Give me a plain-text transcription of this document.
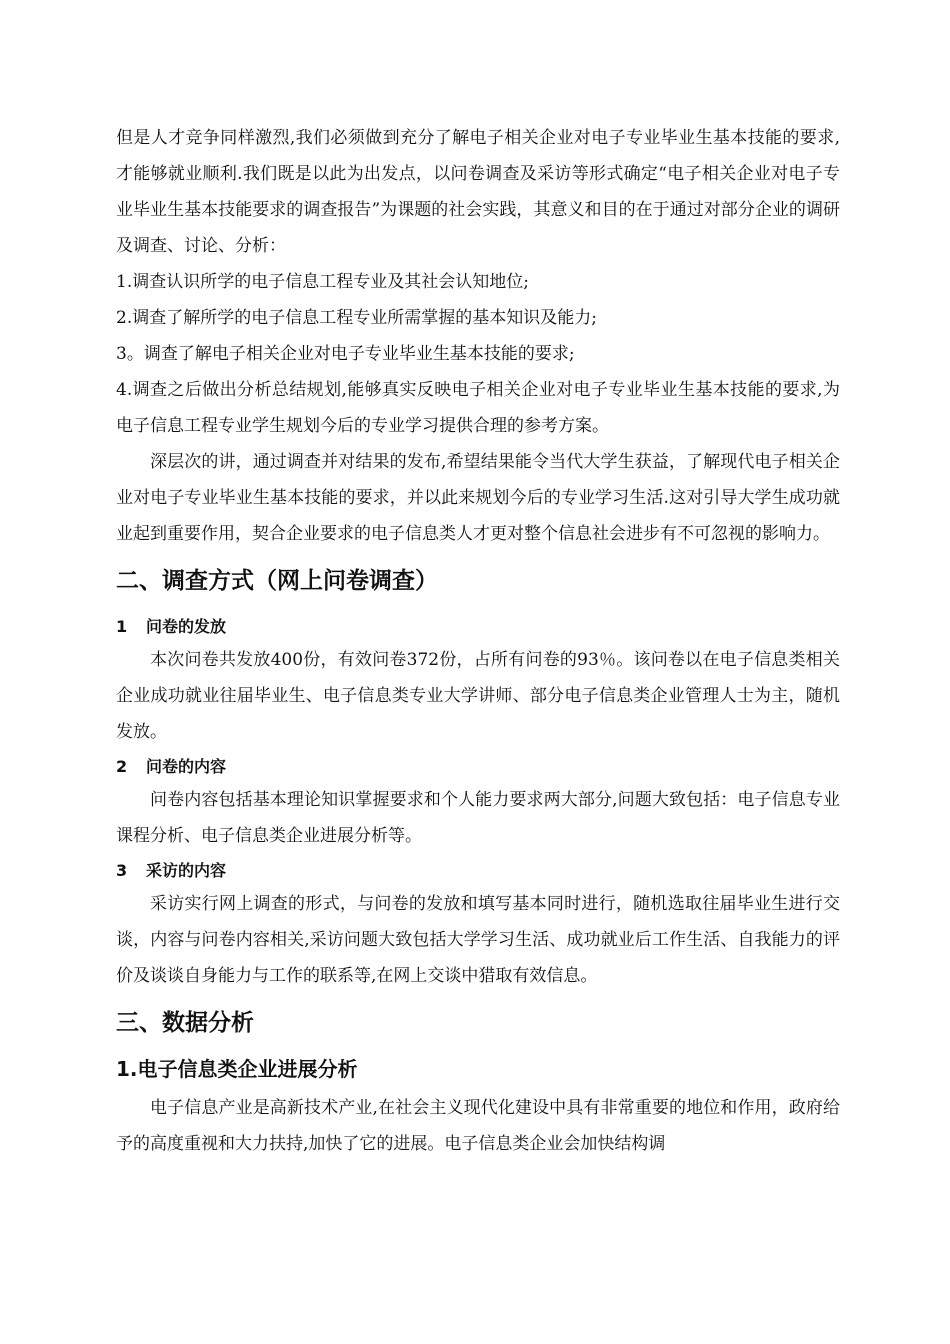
但是人才竞争同样激烈,我们必须做到充分了解电子相关企业对电子专业毕业生基本技能的要求,才能够就业顺利.我们既是以此为出发点，以问卷调查及采访等形式确定“电子相关企业对电子专业毕业生基本技能要求的调查报告”为课题的社会实践，其意义和目的在于通过对部分企业的调研及调查、讨论、分析：

1.调查认识所学的电子信息工程专业及其社会认知地位;

2.调查了解所学的电子信息工程专业所需掌握的基本知识及能力;

3。调查了解电子相关企业对电子专业毕业生基本技能的要求;

4.调查之后做出分析总结规划,能够真实反映电子相关企业对电子专业毕业生基本技能的要求,为电子信息工程专业学生规划今后的专业学习提供合理的参考方案。

深层次的讲，通过调查并对结果的发布,希望结果能令当代大学生获益，了解现代电子相关企业对电子专业毕业生基本技能的要求，并以此来规划今后的专业学习生活.这对引导大学生成功就业起到重要作用，契合企业要求的电子信息类人才更对整个信息社会进步有不可忽视的影响力。

二、调查方式（网上问卷调查）
1 问卷的发放

本次问卷共发放400份，有效问卷372份，占所有问卷的93％。该问卷以在电子信息类相关企业成功就业往届毕业生、电子信息类专业大学讲师、部分电子信息类企业管理人士为主，随机发放。

2 问卷的内容

问卷内容包括基本理论知识掌握要求和个人能力要求两大部分,问题大致包括：电子信息专业课程分析、电子信息类企业进展分析等。

3 采访的内容

采访实行网上调查的形式，与问卷的发放和填写基本同时进行，随机选取往届毕业生进行交谈，内容与问卷内容相关,采访问题大致包括大学学习生活、成功就业后工作生活、自我能力的评价及谈谈自身能力与工作的联系等,在网上交谈中猎取有效信息。

三、数据分析
1.电子信息类企业进展分析

电子信息产业是高新技术产业,在社会主义现代化建设中具有非常重要的地位和作用，政府给予的高度重视和大力扶持,加快了它的进展。电子信息类企业会加快结构调
